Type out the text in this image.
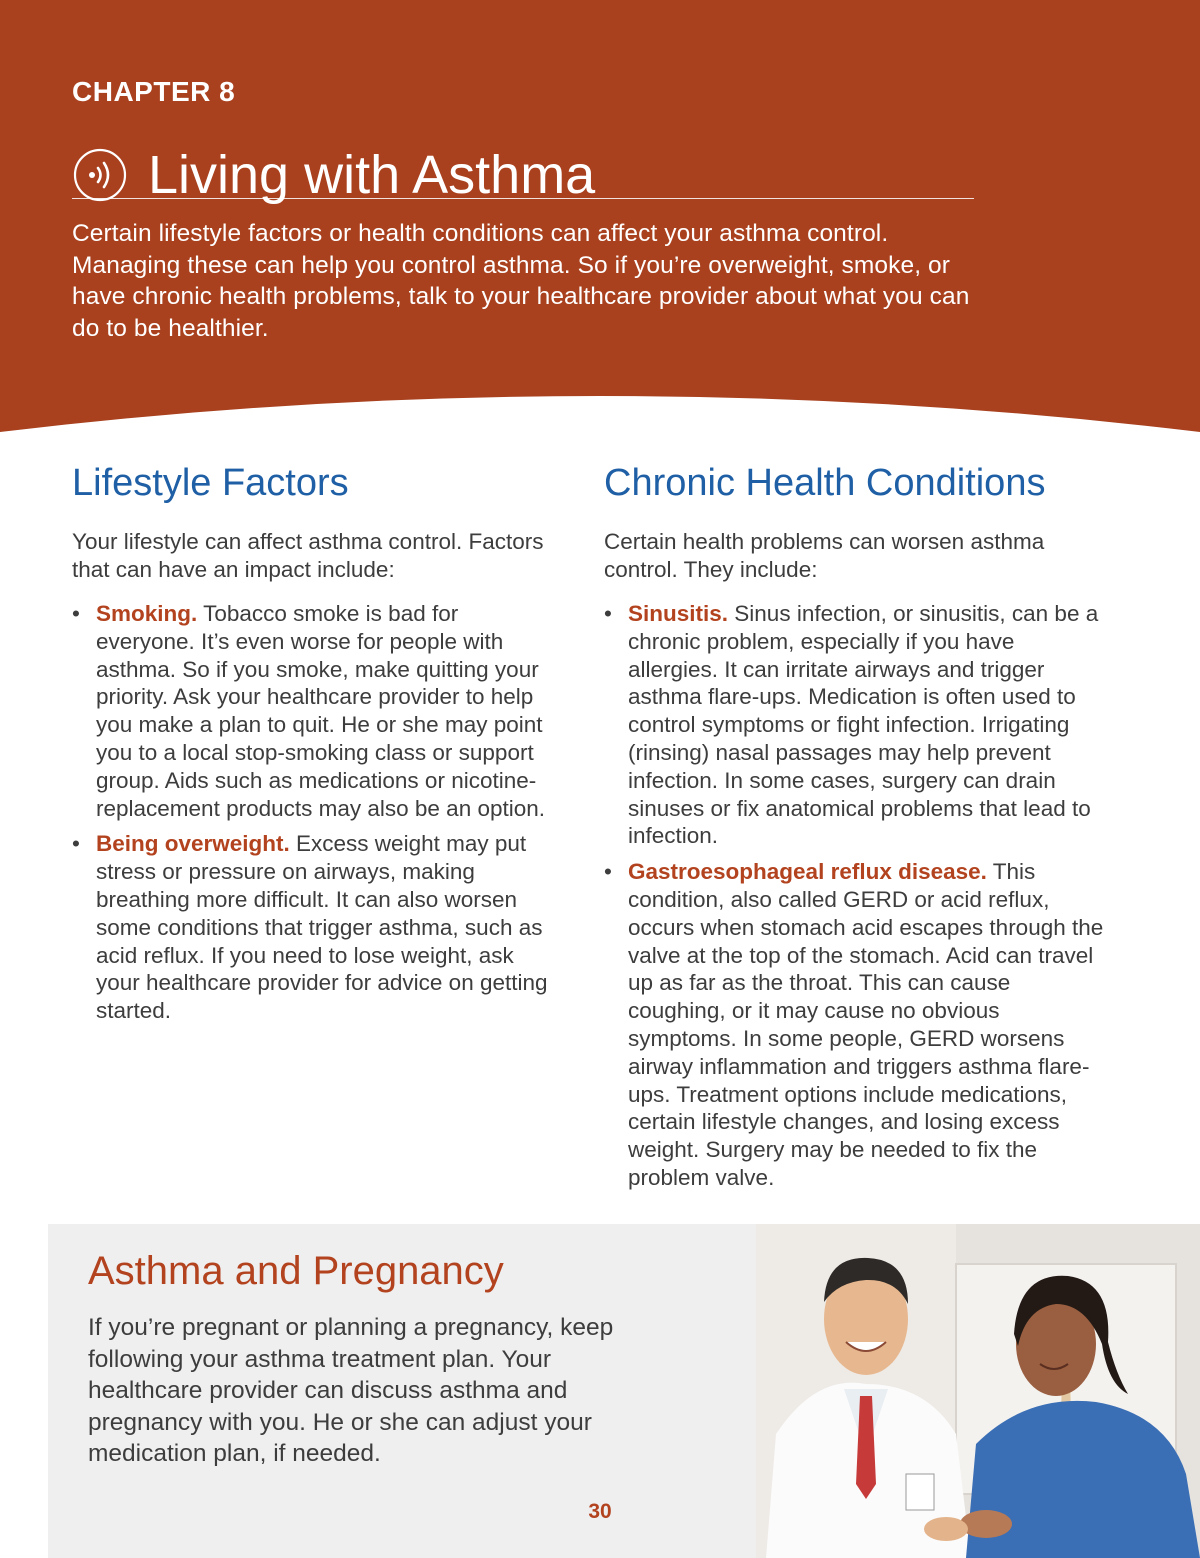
CHAPTER 8
Living with Asthma

Certain lifestyle factors or health conditions can affect your asthma control. Managing these can help you control asthma. So if you’re overweight, smoke, or have chronic health problems, talk to your healthcare provider about what you can do to be healthier.

Lifestyle Factors

Your lifestyle can affect asthma control. Factors that can have an impact include:

• Smoking. Tobacco smoke is bad for everyone. It’s even worse for people with asthma. So if you smoke, make quitting your priority. Ask your healthcare provider to help you make a plan to quit. He or she may point you to a local stop-smoking class or support group. Aids such as medications or nicotine-replacement products may also be an option.
• Being overweight. Excess weight may put stress or pressure on airways, making breathing more difficult. It can also worsen some conditions that trigger asthma, such as acid reflux. If you need to lose weight, ask your healthcare provider for advice on getting started.
Chronic Health Conditions

Certain health problems can worsen asthma control. They include:

• Sinusitis. Sinus infection, or sinusitis, can be a chronic problem, especially if you have allergies. It can irritate airways and trigger asthma flare-ups. Medication is often used to control symptoms or fight infection. Irrigating (rinsing) nasal passages may help prevent infection. In some cases, surgery can drain sinuses or fix anatomical problems that lead to infection.
• Gastroesophageal reflux disease. This condition, also called GERD or acid reflux, occurs when stomach acid escapes through the valve at the top of the stomach. Acid can travel up as far as the throat. This can cause coughing, or it may cause no obvious symptoms. In some people, GERD worsens airway inflammation and triggers asthma flare-ups. Treatment options include medications, certain lifestyle changes, and losing excess weight. Surgery may be needed to fix the problem valve.
Asthma and Pregnancy

If you’re pregnant or planning a pregnancy, keep following your asthma treatment plan. Your healthcare provider can discuss asthma and pregnancy with you. He or she can adjust your medication plan, if needed.

30
